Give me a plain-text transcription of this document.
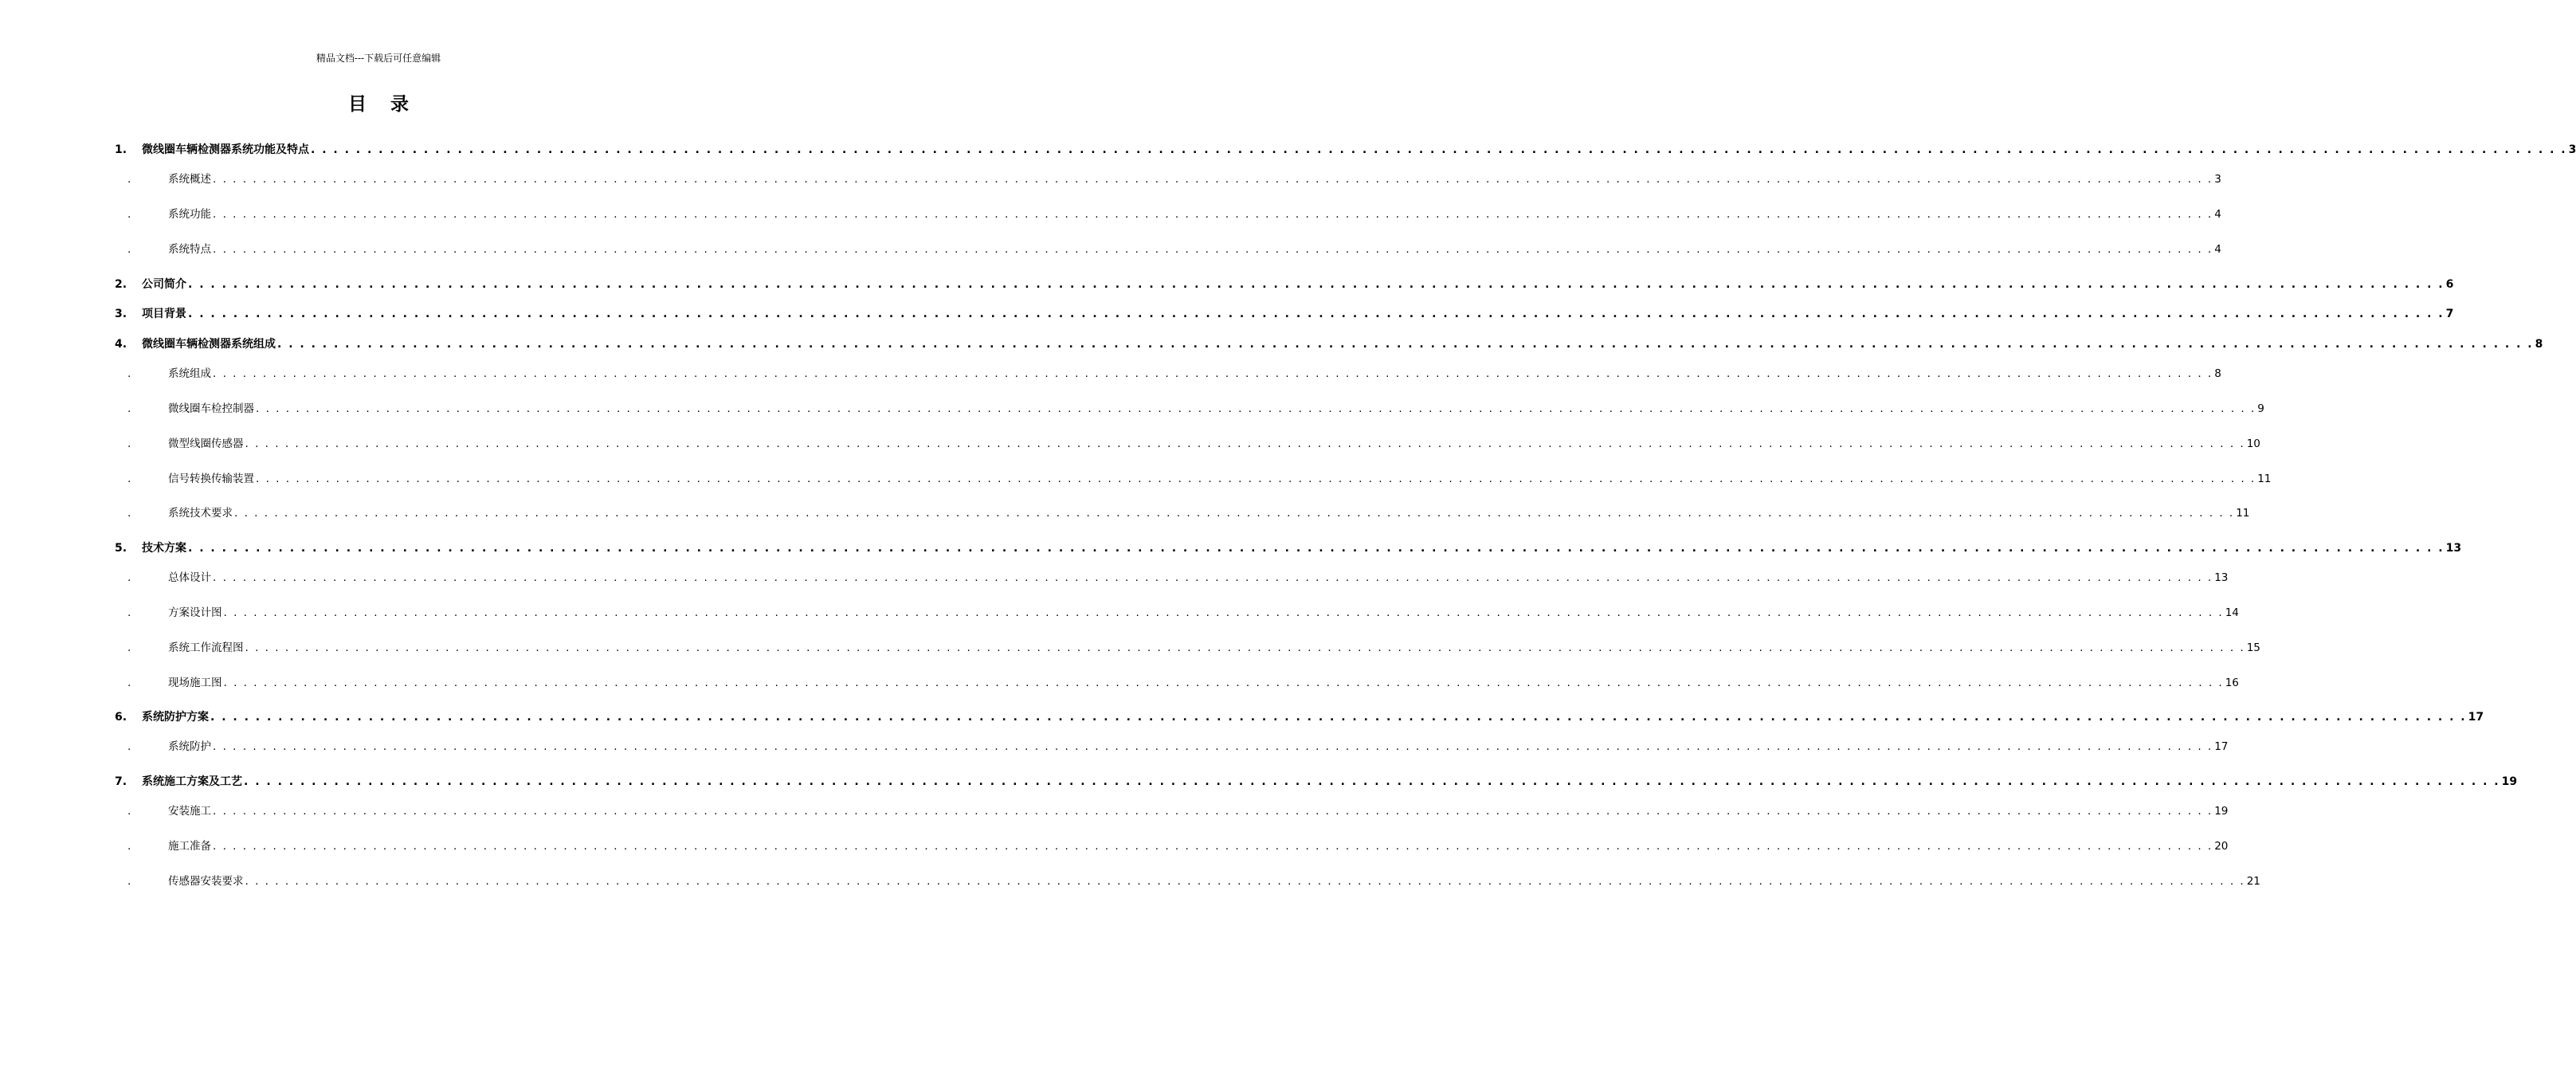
精品文档---下载后可任意编辑
目录
1.	微线圈车辆检测器系统功能及特点 . . . . . . . . . . . . . . . . . . . . . . . . . . . . . . . . . . . . . . . . . . . . . . . . . . . . . . . . . . . . . . . . . . . . . . . . . . . . . . . . . . . . . . . . . . . . . . . . . . . . . . . . . . . . . . . . . . . . . . . . . . . . . . . . . . . . . . . . . . . . . . . . . . . . . . . . . . . . . . . . . . . . . . . . . . . . . . . . . . . . . . . . . . . . . . . . . . . . . . . . 3
.	系统概述 . . . . . . . . . . . . . . . . . . . . . . . . . . . . . . . . . . . . . . . . . . . . . . . . . . . . . . . . . . . . . . . . . . . . . . . . . . . . . . . . . . . . . . . . . . . . . . . . . . . . . . . . . . . . . . . . . . . . . . . . . . . . . . . . . . . . . . . . . . . . . . . . . . . . . . . . . . . . . . . . . . . . . . . . . . . . . . . . . . . . . . . . . . . . . . . . . . . . . . . . 3
.	系统功能 . . . . . . . . . . . . . . . . . . . . . . . . . . . . . . . . . . . . . . . . . . . . . . . . . . . . . . . . . . . . . . . . . . . . . . . . . . . . . . . . . . . . . . . . . . . . . . . . . . . . . . . . . . . . . . . . . . . . . . . . . . . . . . . . . . . . . . . . . . . . . . . . . . . . . . . . . . . . . . . . . . . . . . . . . . . . . . . . . . . . . . . . . . . . . . . . . . . . . . . . 4
.	系统特点 . . . . . . . . . . . . . . . . . . . . . . . . . . . . . . . . . . . . . . . . . . . . . . . . . . . . . . . . . . . . . . . . . . . . . . . . . . . . . . . . . . . . . . . . . . . . . . . . . . . . . . . . . . . . . . . . . . . . . . . . . . . . . . . . . . . . . . . . . . . . . . . . . . . . . . . . . . . . . . . . . . . . . . . . . . . . . . . . . . . . . . . . . . . . . . . . . . . . . . . . 4
2.	公司简介 . . . . . . . . . . . . . . . . . . . . . . . . . . . . . . . . . . . . . . . . . . . . . . . . . . . . . . . . . . . . . . . . . . . . . . . . . . . . . . . . . . . . . . . . . . . . . . . . . . . . . . . . . . . . . . . . . . . . . . . . . . . . . . . . . . . . . . . . . . . . . . . . . . . . . . . . . . . . . . . . . . . . . . . . . . . . . . . . . . . . . . . . . . . . . . . . . . . . . . . . 6
3.	项目背景 . . . . . . . . . . . . . . . . . . . . . . . . . . . . . . . . . . . . . . . . . . . . . . . . . . . . . . . . . . . . . . . . . . . . . . . . . . . . . . . . . . . . . . . . . . . . . . . . . . . . . . . . . . . . . . . . . . . . . . . . . . . . . . . . . . . . . . . . . . . . . . . . . . . . . . . . . . . . . . . . . . . . . . . . . . . . . . . . . . . . . . . . . . . . . . . . . . . . . . . . 7
4.	微线圈车辆检测器系统组成 . . . . . . . . . . . . . . . . . . . . . . . . . . . . . . . . . . . . . . . . . . . . . . . . . . . . . . . . . . . . . . . . . . . . . . . . . . . . . . . . . . . . . . . . . . . . . . . . . . . . . . . . . . . . . . . . . . . . . . . . . . . . . . . . . . . . . . . . . . . . . . . . . . . . . . . . . . . . . . . . . . . . . . . . . . . . . . . . . . . . . . . . . . . . . . . . . . . . . . . . 8
.	系统组成 . . . . . . . . . . . . . . . . . . . . . . . . . . . . . . . . . . . . . . . . . . . . . . . . . . . . . . . . . . . . . . . . . . . . . . . . . . . . . . . . . . . . . . . . . . . . . . . . . . . . . . . . . . . . . . . . . . . . . . . . . . . . . . . . . . . . . . . . . . . . . . . . . . . . . . . . . . . . . . . . . . . . . . . . . . . . . . . . . . . . . . . . . . . . . . . . . . . . . . . . 8
.	微线圈车检控制器 . . . . . . . . . . . . . . . . . . . . . . . . . . . . . . . . . . . . . . . . . . . . . . . . . . . . . . . . . . . . . . . . . . . . . . . . . . . . . . . . . . . . . . . . . . . . . . . . . . . . . . . . . . . . . . . . . . . . . . . . . . . . . . . . . . . . . . . . . . . . . . . . . . . . . . . . . . . . . . . . . . . . . . . . . . . . . . . . . . . . . . . . . . . . . . . . . . . . . . . . 9
.	微型线圈传感器 . . . . . . . . . . . . . . . . . . . . . . . . . . . . . . . . . . . . . . . . . . . . . . . . . . . . . . . . . . . . . . . . . . . . . . . . . . . . . . . . . . . . . . . . . . . . . . . . . . . . . . . . . . . . . . . . . . . . . . . . . . . . . . . . . . . . . . . . . . . . . . . . . . . . . . . . . . . . . . . . . . . . . . . . . . . . . . . . . . . . . . . . . . . . . . . . . . . . . . . . 10
.	信号转换传输装置 . . . . . . . . . . . . . . . . . . . . . . . . . . . . . . . . . . . . . . . . . . . . . . . . . . . . . . . . . . . . . . . . . . . . . . . . . . . . . . . . . . . . . . . . . . . . . . . . . . . . . . . . . . . . . . . . . . . . . . . . . . . . . . . . . . . . . . . . . . . . . . . . . . . . . . . . . . . . . . . . . . . . . . . . . . . . . . . . . . . . . . . . . . . . . . . . . . . . . . . . 11
.	系统技术要求 . . . . . . . . . . . . . . . . . . . . . . . . . . . . . . . . . . . . . . . . . . . . . . . . . . . . . . . . . . . . . . . . . . . . . . . . . . . . . . . . . . . . . . . . . . . . . . . . . . . . . . . . . . . . . . . . . . . . . . . . . . . . . . . . . . . . . . . . . . . . . . . . . . . . . . . . . . . . . . . . . . . . . . . . . . . . . . . . . . . . . . . . . . . . . . . . . . . . . . . . 11
5.	技术方案 . . . . . . . . . . . . . . . . . . . . . . . . . . . . . . . . . . . . . . . . . . . . . . . . . . . . . . . . . . . . . . . . . . . . . . . . . . . . . . . . . . . . . . . . . . . . . . . . . . . . . . . . . . . . . . . . . . . . . . . . . . . . . . . . . . . . . . . . . . . . . . . . . . . . . . . . . . . . . . . . . . . . . . . . . . . . . . . . . . . . . . . . . . . . . . . . . . . . . . . . 13
.	总体设计 . . . . . . . . . . . . . . . . . . . . . . . . . . . . . . . . . . . . . . . . . . . . . . . . . . . . . . . . . . . . . . . . . . . . . . . . . . . . . . . . . . . . . . . . . . . . . . . . . . . . . . . . . . . . . . . . . . . . . . . . . . . . . . . . . . . . . . . . . . . . . . . . . . . . . . . . . . . . . . . . . . . . . . . . . . . . . . . . . . . . . . . . . . . . . . . . . . . . . . . . 13
.	方案设计图 . . . . . . . . . . . . . . . . . . . . . . . . . . . . . . . . . . . . . . . . . . . . . . . . . . . . . . . . . . . . . . . . . . . . . . . . . . . . . . . . . . . . . . . . . . . . . . . . . . . . . . . . . . . . . . . . . . . . . . . . . . . . . . . . . . . . . . . . . . . . . . . . . . . . . . . . . . . . . . . . . . . . . . . . . . . . . . . . . . . . . . . . . . . . . . . . . . . . . . . . 14
.	系统工作流程图 . . . . . . . . . . . . . . . . . . . . . . . . . . . . . . . . . . . . . . . . . . . . . . . . . . . . . . . . . . . . . . . . . . . . . . . . . . . . . . . . . . . . . . . . . . . . . . . . . . . . . . . . . . . . . . . . . . . . . . . . . . . . . . . . . . . . . . . . . . . . . . . . . . . . . . . . . . . . . . . . . . . . . . . . . . . . . . . . . . . . . . . . . . . . . . . . . . . . . . . . 15
.	现场施工图 . . . . . . . . . . . . . . . . . . . . . . . . . . . . . . . . . . . . . . . . . . . . . . . . . . . . . . . . . . . . . . . . . . . . . . . . . . . . . . . . . . . . . . . . . . . . . . . . . . . . . . . . . . . . . . . . . . . . . . . . . . . . . . . . . . . . . . . . . . . . . . . . . . . . . . . . . . . . . . . . . . . . . . . . . . . . . . . . . . . . . . . . . . . . . . . . . . . . . . . . 16
6.	系统防护方案 . . . . . . . . . . . . . . . . . . . . . . . . . . . . . . . . . . . . . . . . . . . . . . . . . . . . . . . . . . . . . . . . . . . . . . . . . . . . . . . . . . . . . . . . . . . . . . . . . . . . . . . . . . . . . . . . . . . . . . . . . . . . . . . . . . . . . . . . . . . . . . . . . . . . . . . . . . . . . . . . . . . . . . . . . . . . . . . . . . . . . . . . . . . . . . . . . . . . . . . . 17
.	系统防护 . . . . . . . . . . . . . . . . . . . . . . . . . . . . . . . . . . . . . . . . . . . . . . . . . . . . . . . . . . . . . . . . . . . . . . . . . . . . . . . . . . . . . . . . . . . . . . . . . . . . . . . . . . . . . . . . . . . . . . . . . . . . . . . . . . . . . . . . . . . . . . . . . . . . . . . . . . . . . . . . . . . . . . . . . . . . . . . . . . . . . . . . . . . . . . . . . . . . . . . . 17
7.	系统施工方案及工艺 . . . . . . . . . . . . . . . . . . . . . . . . . . . . . . . . . . . . . . . . . . . . . . . . . . . . . . . . . . . . . . . . . . . . . . . . . . . . . . . . . . . . . . . . . . . . . . . . . . . . . . . . . . . . . . . . . . . . . . . . . . . . . . . . . . . . . . . . . . . . . . . . . . . . . . . . . . . . . . . . . . . . . . . . . . . . . . . . . . . . . . . . . . . . . . . . . . . . . . . . 19
.	安装施工 . . . . . . . . . . . . . . . . . . . . . . . . . . . . . . . . . . . . . . . . . . . . . . . . . . . . . . . . . . . . . . . . . . . . . . . . . . . . . . . . . . . . . . . . . . . . . . . . . . . . . . . . . . . . . . . . . . . . . . . . . . . . . . . . . . . . . . . . . . . . . . . . . . . . . . . . . . . . . . . . . . . . . . . . . . . . . . . . . . . . . . . . . . . . . . . . . . . . . . . . 19
.	施工准备 . . . . . . . . . . . . . . . . . . . . . . . . . . . . . . . . . . . . . . . . . . . . . . . . . . . . . . . . . . . . . . . . . . . . . . . . . . . . . . . . . . . . . . . . . . . . . . . . . . . . . . . . . . . . . . . . . . . . . . . . . . . . . . . . . . . . . . . . . . . . . . . . . . . . . . . . . . . . . . . . . . . . . . . . . . . . . . . . . . . . . . . . . . . . . . . . . . . . . . . . 20
.	传感器安装要求 . . . . . . . . . . . . . . . . . . . . . . . . . . . . . . . . . . . . . . . . . . . . . . . . . . . . . . . . . . . . . . . . . . . . . . . . . . . . . . . . . . . . . . . . . . . . . . . . . . . . . . . . . . . . . . . . . . . . . . . . . . . . . . . . . . . . . . . . . . . . . . . . . . . . . . . . . . . . . . . . . . . . . . . . . . . . . . . . . . . . . . . . . . . . . . . . . . . . . . . . 21
